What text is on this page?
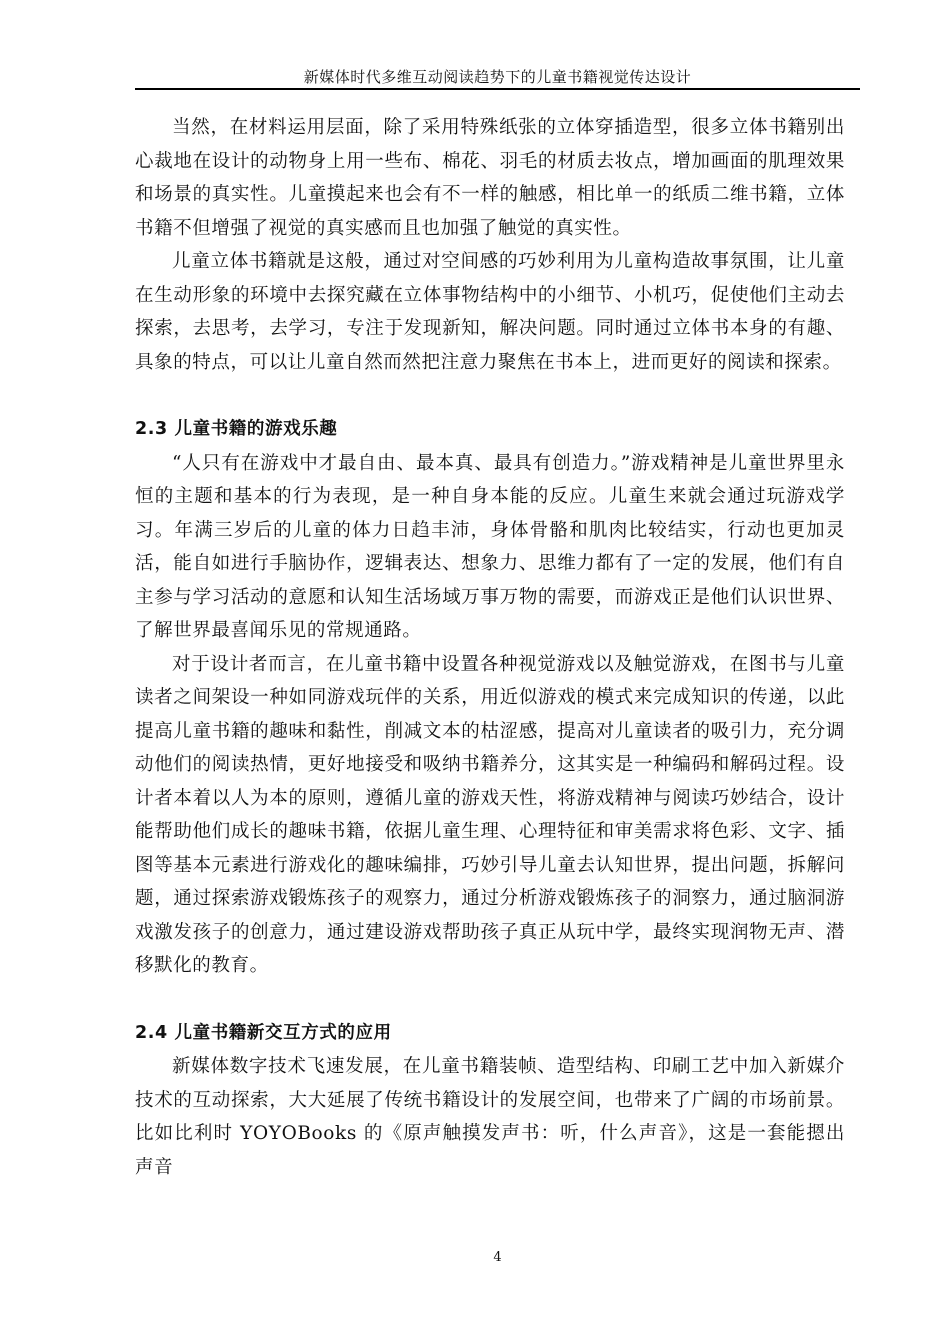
新媒体时代多维互动阅读趋势下的儿童书籍视觉传达设计

当然，在材料运用层面，除了采用特殊纸张的立体穿插造型，很多立体书籍别出心裁地在设计的动物身上用一些布、棉花、羽毛的材质去妆点，增加画面的肌理效果和场景的真实性。儿童摸起来也会有不一样的触感，相比单一的纸质二维书籍，立体书籍不但增强了视觉的真实感而且也加强了触觉的真实性。

儿童立体书籍就是这般，通过对空间感的巧妙利用为儿童构造故事氛围，让儿童在生动形象的环境中去探究藏在立体事物结构中的小细节、小机巧，促使他们主动去探索，去思考，去学习，专注于发现新知，解决问题。同时通过立体书本身的有趣、具象的特点，可以让儿童自然而然把注意力聚焦在书本上，进而更好的阅读和探索。

2.3 儿童书籍的游戏乐趣

“人只有在游戏中才最自由、最本真、最具有创造力。”游戏精神是儿童世界里永恒的主题和基本的行为表现，是一种自身本能的反应。儿童生来就会通过玩游戏学习。年满三岁后的儿童的体力日趋丰沛，身体骨骼和肌肉比较结实，行动也更加灵活，能自如进行手脑协作，逻辑表达、想象力、思维力都有了一定的发展，他们有自主参与学习活动的意愿和认知生活场域万事万物的需要，而游戏正是他们认识世界、了解世界最喜闻乐见的常规通路。

对于设计者而言，在儿童书籍中设置各种视觉游戏以及触觉游戏，在图书与儿童读者之间架设一种如同游戏玩伴的关系，用近似游戏的模式来完成知识的传递，以此提高儿童书籍的趣味和黏性，削减文本的枯涩感，提高对儿童读者的吸引力，充分调动他们的阅读热情，更好地接受和吸纳书籍养分，这其实是一种编码和解码过程。设计者本着以人为本的原则，遵循儿童的游戏天性，将游戏精神与阅读巧妙结合，设计能帮助他们成长的趣味书籍，依据儿童生理、心理特征和审美需求将色彩、文字、插图等基本元素进行游戏化的趣味编排，巧妙引导儿童去认知世界，提出问题，拆解问题，通过探索游戏锻炼孩子的观察力，通过分析游戏锻炼孩子的洞察力，通过脑洞游戏激发孩子的创意力，通过建设游戏帮助孩子真正从玩中学，最终实现润物无声、潜移默化的教育。

2.4 儿童书籍新交互方式的应用

新媒体数字技术飞速发展，在儿童书籍装帧、造型结构、印刷工艺中加入新媒介技术的互动探索，大大延展了传统书籍设计的发展空间，也带来了广阔的市场前景。比如比利时 YOYOBooks 的《原声触摸发声书：听，什么声音》，这是一套能摁出声音

4
